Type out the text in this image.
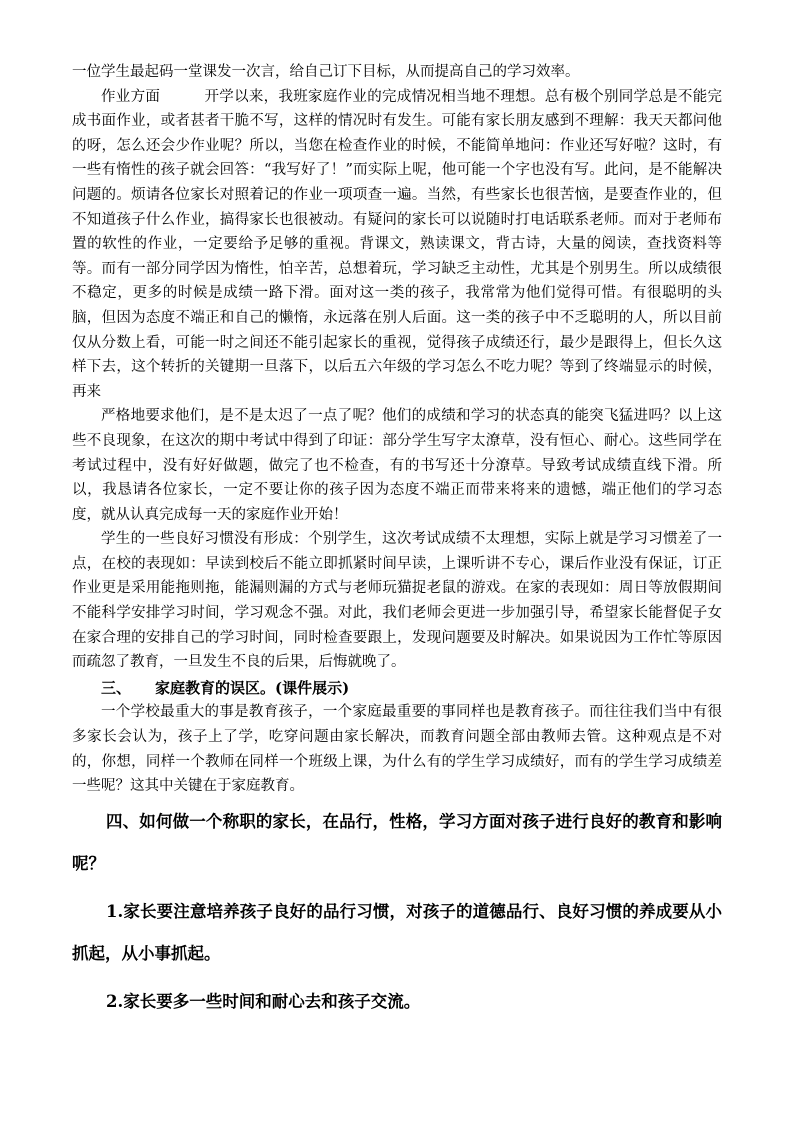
一位学生最起码一堂课发一次言，给自己订下目标，从而提高自己的学习效率。

作业方面	开学以来，我班家庭作业的完成情况相当地不理想。总有极个别同学总是不能完成书面作业，或者甚者干脆不写，这样的情况时有发生。可能有家长朋友感到不理解：我天天都问他的呀，怎么还会少作业呢？所以，当您在检查作业的时候，不能简单地问：作业还写好啦？这时，有一些有惰性的孩子就会回答：“我写好了！”而实际上呢，他可能一个字也没有写。此问，是不能解决问题的。烦请各位家长对照着记的作业一项项查一遍。当然，有些家长也很苦恼，是要查作业的，但不知道孩子什么作业，搞得家长也很被动。有疑问的家长可以说随时打电话联系老师。而对于老师布置的软性的作业，一定要给予足够的重视。背课文，熟读课文，背古诗，大量的阅读，查找资料等等。而有一部分同学因为惰性，怕辛苦，总想着玩，学习缺乏主动性，尤其是个别男生。所以成绩很不稳定，更多的时候是成绩一路下滑。面对这一类的孩子，我常常为他们觉得可惜。有很聪明的头脑，但因为态度不端正和自己的懒惰，永远落在别人后面。这一类的孩子中不乏聪明的人，所以目前仅从分数上看，可能一时之间还不能引起家长的重视，觉得孩子成绩还行，最少是跟得上，但长久这样下去，这个转折的关键期一旦落下，以后五六年级的学习怎么不吃力呢？等到了终端显示的时候，再来

严格地要求他们，是不是太迟了一点了呢？他们的成绩和学习的状态真的能突飞猛进吗？以上这些不良现象，在这次的期中考试中得到了印证：部分学生写字太潦草，没有恒心、耐心。这些同学在考试过程中，没有好好做题，做完了也不检查，有的书写还十分潦草。导致考试成绩直线下滑。所以，我恳请各位家长，一定不要让你的孩子因为态度不端正而带来将来的遗憾，端正他们的学习态度，就从认真完成每一天的家庭作业开始！

学生的一些良好习惯没有形成：个别学生，这次考试成绩不太理想，实际上就是学习习惯差了一点，在校的表现如：早读到校后不能立即抓紧时间早读，上课听讲不专心，课后作业没有保证，订正作业更是采用能拖则拖，能漏则漏的方式与老师玩猫捉老鼠的游戏。在家的表现如：周日等放假期间不能科学安排学习时间，学习观念不强。对此，我们老师会更进一步加强引导，希望家长能督促子女在家合理的安排自己的学习时间，同时检查要跟上，发现问题要及时解决。如果说因为工作忙等原因而疏忽了教育，一旦发生不良的后果，后悔就晚了。

三、 家庭教育的误区。(课件展示)

一个学校最重大的事是教育孩子，一个家庭最重要的事同样也是教育孩子。而往往我们当中有很多家长会认为，孩子上了学，吃穿问题由家长解决，而教育问题全部由教师去管。这种观点是不对的，你想，同样一个教师在同样一个班级上课，为什么有的学生学习成绩好，而有的学生学习成绩差一些呢？这其中关键在于家庭教育。

四、如何做一个称职的家长，在品行，性格，学习方面对孩子进行良好的教育和影响呢？

1.家长要注意培养孩子良好的品行习惯，对孩子的道德品行、良好习惯的养成要从小抓起，从小事抓起。

2.家长要多一些时间和耐心去和孩子交流。
